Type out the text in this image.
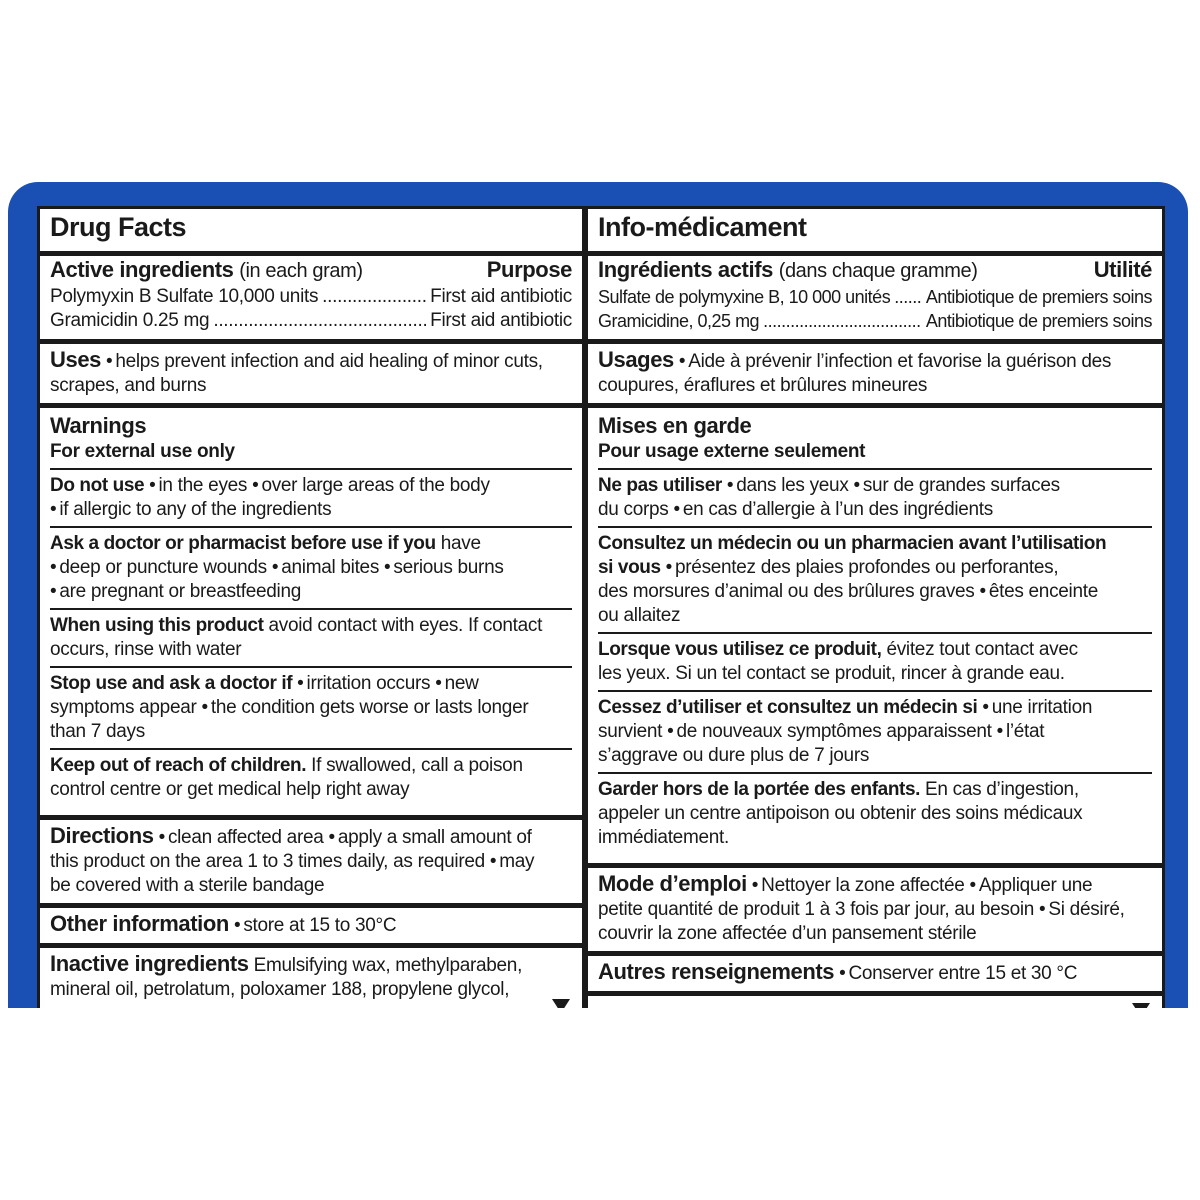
Drug Facts
Active ingredients (in each gram)	Purpose
Polymyxin B Sulfate 10,000 units .....	First aid antibiotic
Gramicidin 0.25 mg .....	First aid antibiotic
Uses • helps prevent infection and aid healing of minor cuts,
scrapes, and burns
Warnings
For external use only
Do not use • in the eyes • over large areas of the body
• if allergic to any of the ingredients
Ask a doctor or pharmacist before use if you have
• deep or puncture wounds • animal bites • serious burns
• are pregnant or breastfeeding
When using this product avoid contact with eyes. If contact
occurs, rinse with water
Stop use and ask a doctor if • irritation occurs • new
symptoms appear • the condition gets worse or lasts longer
than 7 days
Keep out of reach of children. If swallowed, call a poison
control centre or get medical help right away
Directions • clean affected area • apply a small amount of
this product on the area 1 to 3 times daily, as required • may
be covered with a sterile bandage
Other information • store at 15 to 30°C
Inactive ingredients Emulsifying wax, methylparaben,
mineral oil, petrolatum, poloxamer 188, propylene glycol,
Info-médicament
Ingrédients actifs (dans chaque gramme)	Utilité
Sulfate de polymyxine B, 10 000 unités ..... Antibiotique de premiers soins
Gramicidine, 0,25 mg .....	Antibiotique de premiers soins
Usages • Aide à prévenir l’infection et favorise la guérison des
coupures, éraflures et brûlures mineures
Mises en garde
Pour usage externe seulement
Ne pas utiliser • dans les yeux • sur de grandes surfaces
du corps • en cas d’allergie à l’un des ingrédients
Consultez un médecin ou un pharmacien avant l’utilisation
si vous • présentez des plaies profondes ou perforantes,
des morsures d’animal ou des brûlures graves • êtes enceinte
ou allaitez
Lorsque vous utilisez ce produit, évitez tout contact avec
les yeux. Si un tel contact se produit, rincer à grande eau.
Cessez d’utiliser et consultez un médecin si • une irritation
survient • de nouveaux symptômes apparaissent • l’état
s’aggrave ou dure plus de 7 jours
Garder hors de la portée des enfants. En cas d’ingestion,
appeler un centre antipoison ou obtenir des soins médicaux
immédiatement.
Mode d’emploi • Nettoyer la zone affectée • Appliquer une
petite quantité de produit 1 à 3 fois par jour, au besoin • Si désiré,
couvrir la zone affectée d’un pansement stérile
Autres renseignements • Conserver entre 15 et 30 °C
